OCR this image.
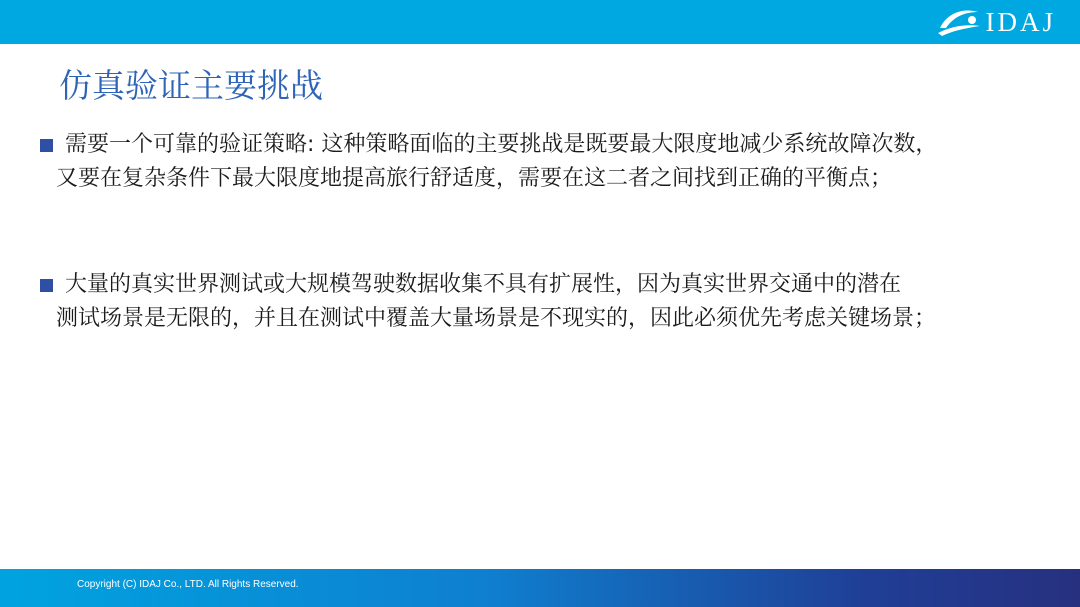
IDAJ
仿真验证主要挑战
需要一个可靠的验证策略: 这种策略面临的主要挑战是既要最大限度地减少系统故障次数，
又要在复杂条件下最大限度地提高旅行舒适度，需要在这二者之间找到正确的平衡点；
大量的真实世界测试或大规模驾驶数据收集不具有扩展性，因为真实世界交通中的潜在
测试场景是无限的，并且在测试中覆盖大量场景是不现实的，因此必须优先考虑关键场景；
Copyright (C) IDAJ Co., LTD. All Rights Reserved.
